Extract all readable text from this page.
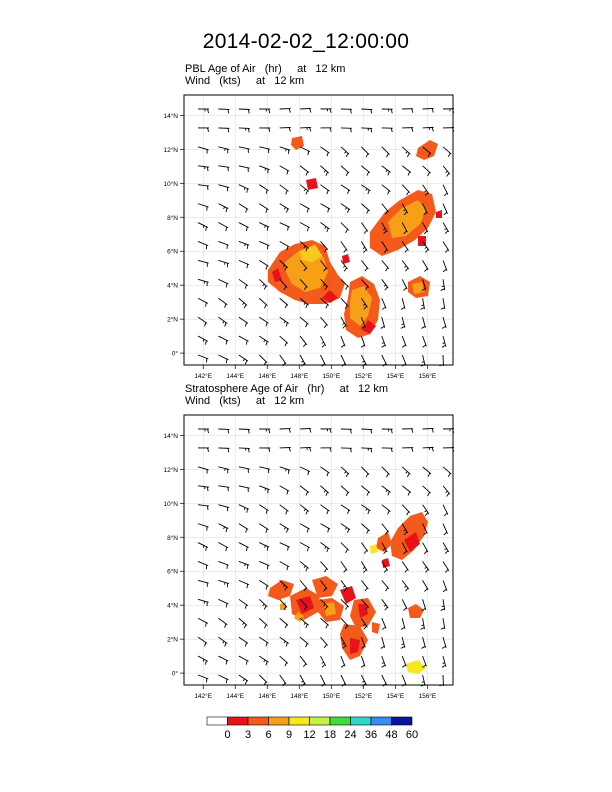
2014-02-02_12:00:00
PBL Age of Air   (hr)     at   12 km
Wind   (kts)     at   12 km
Stratosphere Age of Air   (hr)     at   12 km
Wind   (kts)     at   12 km
142°E 144°E 146°E 148°E 150°E 152°E 154°E 156°E
0°
2°N
4°N
6°N
8°N
10°N
12°N
14°N
142°E 144°E 146°E 148°E 150°E 152°E 154°E 156°E
0°
2°N
4°N
6°N
8°N
10°N
12°N
14°N
0 3 6 9 12 18 24 36 48 60
